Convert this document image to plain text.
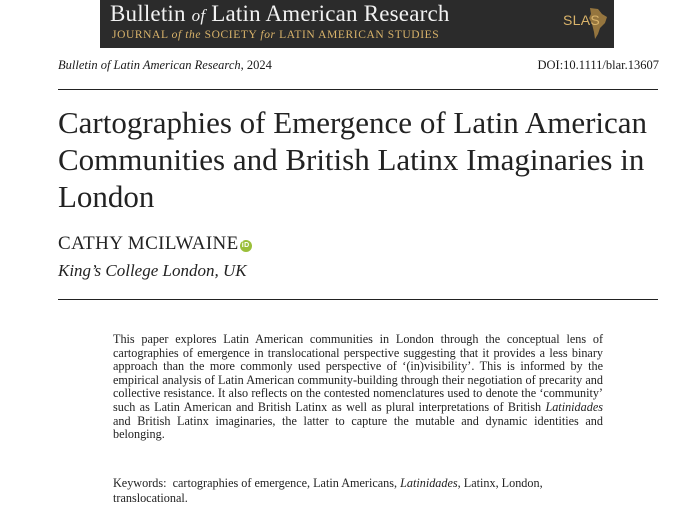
Bulletin of Latin American Research
JOURNAL of the SOCIETY for LATIN AMERICAN STUDIES
SLAS
Bulletin of Latin American Research, 2024	DOI:10.1111/blar.13607
Cartographies of Emergence of Latin American Communities and British Latinx Imaginaries in London
CATHY MCILWAINE iD
King’s College London, UK

This paper explores Latin American communities in London through the conceptual lens of cartographies of emergence in translocational perspective suggesting that it provides a less binary approach than the more commonly used perspective of ‘(in)visibility’. This is informed by the empirical analysis of Latin American community-building through their negotiation of precarity and collective resistance. It also reflects on the contested nomenclatures used to denote the ‘community’ such as Latin American and British Latinx as well as plural interpretations of British Latinidades and British Latinx imaginaries, the latter to capture the mutable and dynamic identities and belonging.

Keywords:  cartographies of emergence, Latin Americans, Latinidades, Latinx, London, translocational.
